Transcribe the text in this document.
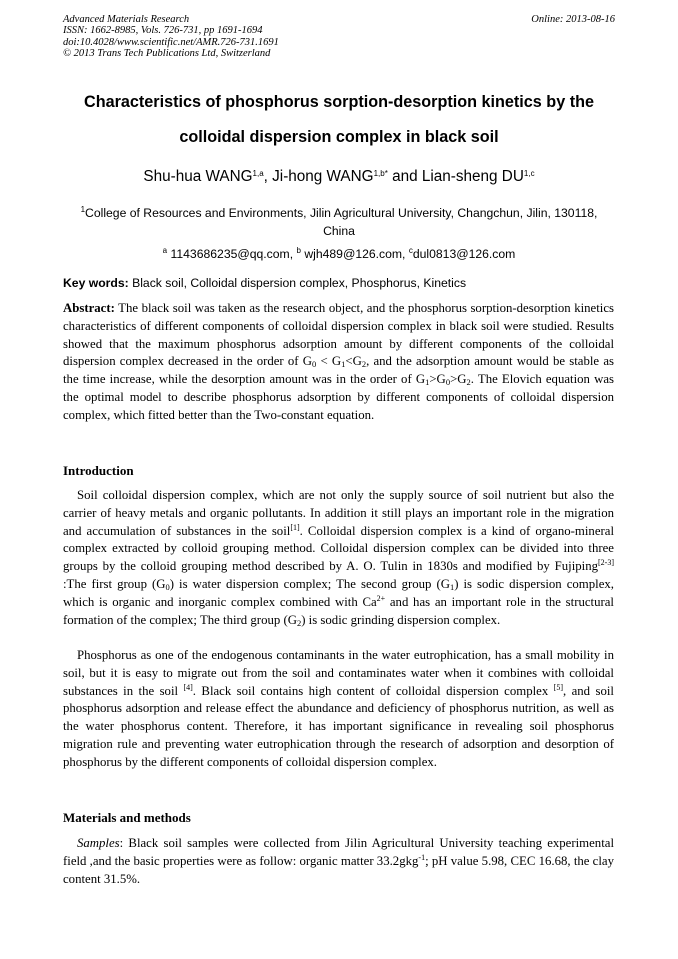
Advanced Materials Research
ISSN: 1662-8985, Vols. 726-731, pp 1691-1694
doi:10.4028/www.scientific.net/AMR.726-731.1691
© 2013 Trans Tech Publications Ltd, Switzerland
Online: 2013-08-16
Characteristics of phosphorus sorption-desorption kinetics by the
colloidal dispersion complex in black soil
Shu-hua WANG$^{1,a}$, Ji-hong $WANG^{1,b*}$ and Lian-sheng DU$^{1,c}$
$^1$College of Resources and Environments, Jilin Agricultural University, Changchun, Jilin, 130118, China
$^a$ 1143686235@qq.com, $^b$ wjh489@126.com, $^c$dul0813@126.com
Key words: Black soil, Colloidal dispersion complex, Phosphorus, Kinetics
Abstract: The black soil was taken as the research object, and the phosphorus sorption-desorption kinetics characteristics of different components of colloidal dispersion complex in black soil were studied. Results showed that the maximum phosphorus adsorption amount by different components of the colloidal dispersion complex decreased in the order of $G_0 < G_1<G_2$, and the adsorption amount would be stable as the time increase, while the desorption amount was in the order of $G_1>G_0>G_2$. The Elovich equation was the optimal model to describe phosphorus adsorption by different components of colloidal dispersion complex, which fitted better than the Two-constant equation.
Introduction
Soil colloidal dispersion complex, which are not only the supply source of soil nutrient but also the carrier of heavy metals and organic pollutants. In addition it still plays an important role in the migration and accumulation of substances in the soil[1]. Colloidal dispersion complex is a kind of organo-mineral complex extracted by colloid grouping method. Colloidal dispersion complex can be divided into three groups by the colloid grouping method described by A. O. Tulin in 1830s and modified by Fujiping[2-3] :The first group $(G_0)$ is water dispersion complex; The second group $(G_1)$ is sodic dispersion complex, which is organic and inorganic complex combined with $Ca^{2+}$ and has an important role in the structural formation of the complex; The third group $(G_2)$ is sodic grinding dispersion complex.
Phosphorus as one of the endogenous contaminants in the water eutrophication, has a small mobility in soil, but it is easy to migrate out from the soil and contaminates water when it combines with colloidal substances in the soil [4]. Black soil contains high content of colloidal dispersion complex [5], and soil phosphorus adsorption and release effect the abundance and deficiency of phosphorus nutrition, as well as the water phosphorus content. Therefore, it has important significance in revealing soil phosphorus migration rule and preventing water eutrophication through the research of adsorption and desorption of phosphorus by the different components of colloidal dispersion complex.
Materials and methods
Samples: Black soil samples were collected from Jilin Agricultural University teaching experimental field ,and the basic properties were as follow: organic matter 33.2gkg$^{-1}$; pH value 5.98, CEC 16.68, the clay content 31.5%.
